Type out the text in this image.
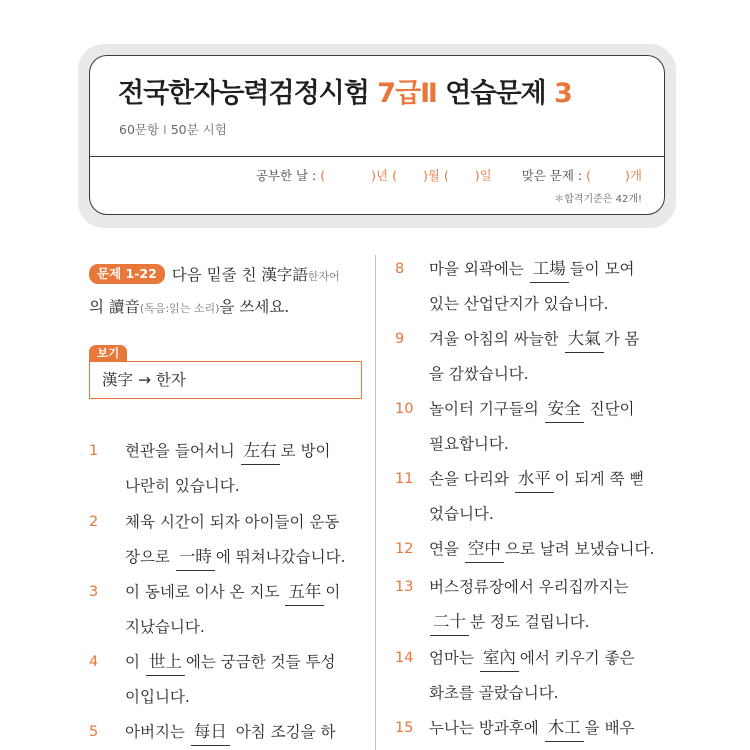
전국한자능력검정시험 7급Ⅱ 연습문제 3
60문항 I 50분 시험
공부한 날 : (	)년 ( )월 ( )일 맞은 문제 : (	)개
＊합격기준은 42개!
문제 1-22 다음 밑줄 친 漢字語한자어
의 讀音(독음:읽는 소리)을 쓰세요.
보기
漢字 → 한자
1 현관을 들어서니 左右 로 방이
나란히 있습니다.
2 체육 시간이 되자 아이들이 운동
장으로 一時 에 뛰쳐나갔습니다.
3 이 동네로 이사 온 지도 五年 이
지났습니다.
4 이 世上 에는 궁금한 것들 투성
이입니다.
5 아버지는 每日 아침 조깅을 하
8 마을 외곽에는 工場 들이 모여
있는 산업단지가 있습니다.
9 겨울 아침의 싸늘한 大氣 가 몸
을 감쌌습니다.
10 놀이터 기구들의 安全 진단이
필요합니다.
11 손을 다리와 水平 이 되게 쭉 뻗
었습니다.
12 연을 空中 으로 날려 보냈습니다.
13 버스정류장에서 우리집까지는
二十 분 정도 걸립니다.
14 엄마는 室內 에서 키우기 좋은
화초를 골랐습니다.
15 누나는 방과후에 木工 을 배우
